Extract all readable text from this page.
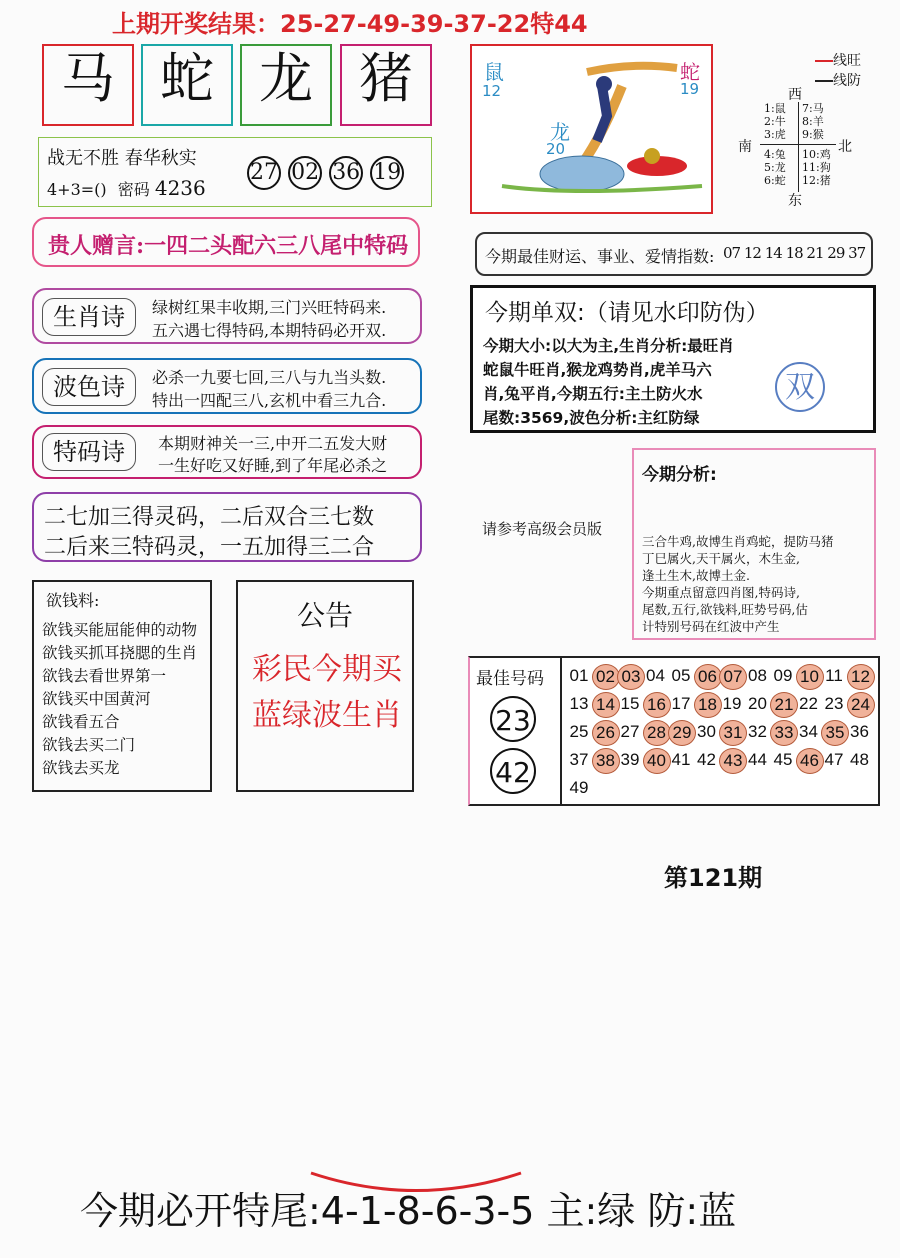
上期开奖结果：25-27-49-39-37-22特44
马 蛇 龙 猪
战无不胜 春华秋实
4+3=() 密码 4236
27 02 36 19
贵人赠言:一四二头配六三八尾中特码
生肖诗	绿树红果丰收期,三门兴旺特码来.
五六遇七得特码,本期特码必开双.
波色诗	必杀一九要七回,三八与九当头数.
特出一四配三八,玄机中看三九合.
特码诗	本期财神关一三,中开二五发大财
一生好吃又好睡,到了年尾必杀之
二七加三得灵码，二后双合三七数
二后来三特码灵，一五加得三二合
欲钱料:
欲钱买能屈能伸的动物
欲钱买抓耳挠腮的生肖
欲钱去看世界第一
欲钱买中国黄河
欲钱看五合
欲钱去买二门
欲钱去买龙
公告
彩民今期买
蓝绿波生肖
鼠
12
蛇
19
龙
20
线旺
线防
西
南	北
东
1:鼠
2:牛
3:虎
7:马
8:羊
9:猴
4:兔
5:龙
6:蛇
10:鸡
11:狗
12:猪
今期最佳财运、事业、爱情指数: 07 12 14 18 21 29 37
今期单双:（请见水印防伪）
今期大小:以大为主,生肖分析:最旺肖
蛇鼠牛旺肖,猴龙鸡势肖,虎羊马六
肖,兔平肖,今期五行:主土防火水
尾数:3569,波色分析:主红防绿
双
请参考高级会员版
今期分析:
三合牛鸡,故博生肖鸡蛇，提防马猪
丁巳属火,天干属火，木生金,
逢土生木,故博土金.
今期重点留意四肖图,特码诗,
尾数,五行,欲钱料,旺势号码,估
计特别号码在红波中产生
最佳号码
23
42
01 02 03 04 05 06 07 08 09 10 11 12
13 14 15 16 17 18 19 20 21 22 23 24
25 26 27 28 29 30 31 32 33 34 35 36
37 38 39 40 41 42 43 44 45 46 47 48
49
第121期
今期必开特尾:4-1-8-6-3-5 主:绿 防:蓝
